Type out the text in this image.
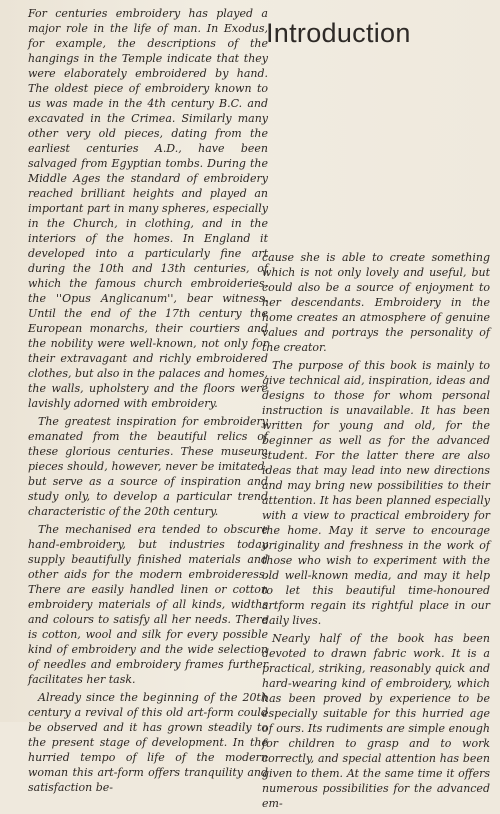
For centuries embroidery has played a major role in the life of man. In Exodus, for example, the descriptions of the hangings in the Temple indicate that they were elaborately embroidered by hand. The oldest piece of embroidery known to us was made in the 4th century B.C. and excavated in the Crimea. Similarly many other very old pieces, dating from the earliest centuries A.D., have been salvaged from Egyptian tombs. During the Middle Ages the standard of embroidery reached brilliant heights and played an important part in many spheres, especially in the Church, in clothing, and in the interiors of the homes. In England it developed into a particularly fine art during the 10th and 13th centuries, of which the famous church embroideries, the ''Opus Anglicanum'', bear witness. Until the end of the 17th century the European monarchs, their courtiers and the nobility were well-known, not only for their extravagant and richly embroidered clothes, but also in the palaces and homes, the walls, upholstery and the floors were lavishly adorned with embroidery.

The greatest inspiration for embroidery emanated from the beautiful relics of these glorious centuries. These museum pieces should, however, never be imitated, but serve as a source of inspiration and study only, to develop a particular trend characteristic of the 20th century.

The mechanised era tended to obscure hand-embroidery, but industries today supply beautifully finished materials and other aids for the modern embroideress. There are easily handled linen or cotton embroidery materials of all kinds, widths and colours to satisfy all her needs. There is cotton, wool and silk for every possible kind of embroidery and the wide selection of needles and embroidery frames further facilitates her task.

Already since the beginning of the 20th century a revival of this old art-form could be observed and it has grown steadily to the present stage of development. In the hurried tempo of life of the modern woman this art-form offers tranquility and satisfaction be-

Introduction

cause she is able to create something which is not only lovely and useful, but could also be a source of enjoyment to her descendants. Embroidery in the home creates an atmosphere of genuine values and portrays the personality of the creator.

The purpose of this book is mainly to give technical aid, inspiration, ideas and designs to those for whom personal instruction is unavailable. It has been written for young and old, for the beginner as well as for the advanced student. For the latter there are also ideas that may lead into new directions and may bring new possibilities to their attention. It has been planned especially with a view to practical embroidery for the home. May it serve to encourage originality and freshness in the work of those who wish to experiment with the old well-known media, and may it help to let this beautiful time-honoured artform regain its rightful place in our daily lives.

Nearly half of the book has been devoted to drawn fabric work. It is a practical, striking, reasonably quick and hard-wearing kind of embroidery, which has been proved by experience to be especially suitable for this hurried age of ours. Its rudiments are simple enough for children to grasp and to work correctly, and special attention has been given to them. At the same time it offers numerous possibilities for the advanced em-
